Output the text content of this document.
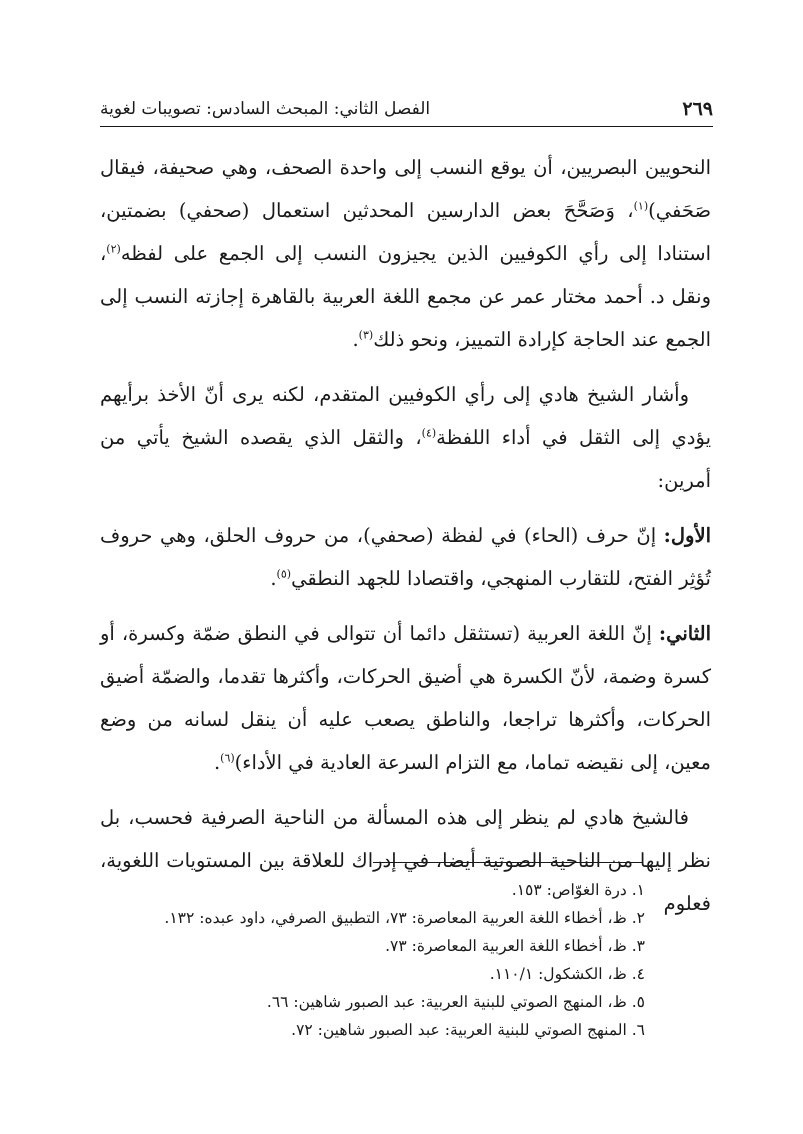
الفصل الثاني: المبحث السادس: تصويبات لغوية	٢٦٩

النحويين البصريين، أن يوقع النسب إلى واحدة الصحف، وهي صحيفة، فيقال صَحَفي)$^{(١)}$، وَصَحَّحَ بعض الدارسين المحدثين استعمال (صحفي) بضمتين، استنادا إلى رأي الكوفيين الذين يجيزون النسب إلى الجمع على لفظه$^{(٢)}$، ونقل د. أحمد مختار عمر عن مجمع اللغة العربية بالقاهرة إجازته النسب إلى الجمع عند الحاجة كإرادة التمييز، ونحو ذلك$^{(٣)}$.

وأشار الشيخ هادي إلى رأي الكوفيين المتقدم، لكنه يرى أنّ الأخذ برأيهم يؤدي إلى الثقل في أداء اللفظة$^{(٤)}$، والثقل الذي يقصده الشيخ يأتي من أمرين:

الأول: إنّ حرف (الحاء) في لفظة (صحفي)، من حروف الحلق، وهي حروف تُؤثِر الفتح، للتقارب المنهجي، واقتصادا للجهد النطقي$^{(٥)}$.

الثاني: إنّ اللغة العربية (تستثقل دائما أن تتوالى في النطق ضمّة وكسرة، أو كسرة وضمة، لأنّ الكسرة هي أضيق الحركات، وأكثرها تقدما، والضمّة أضيق الحركات، وأكثرها تراجعا، والناطق يصعب عليه أن ينقل لسانه من وضع معين، إلى نقيضه تماما، مع التزام السرعة العادية في الأداء)$^{(٦)}$.

فالشيخ هادي لم ينظر إلى هذه المسألة من الناحية الصرفية فحسب، بل نظر إليها من الناحية الصوتية أيضا، في إدراك للعلاقة بين المستويات اللغوية، فعلوم

١. درة الغوّاص: ١٥٣.

٢. ظ، أخطاء اللغة العربية المعاصرة: ٧٣، التطبيق الصرفي، داود عبده: ١٣٢.

٣. ظ، أخطاء اللغة العربية المعاصرة: ٧٣.

٤. ظ، الكشكول: ١١٠/١.

٥. ظ، المنهج الصوتي للبنية العربية: عبد الصبور شاهين: ٦٦.

٦. المنهج الصوتي للبنية العربية: عبد الصبور شاهين: ٧٢.
